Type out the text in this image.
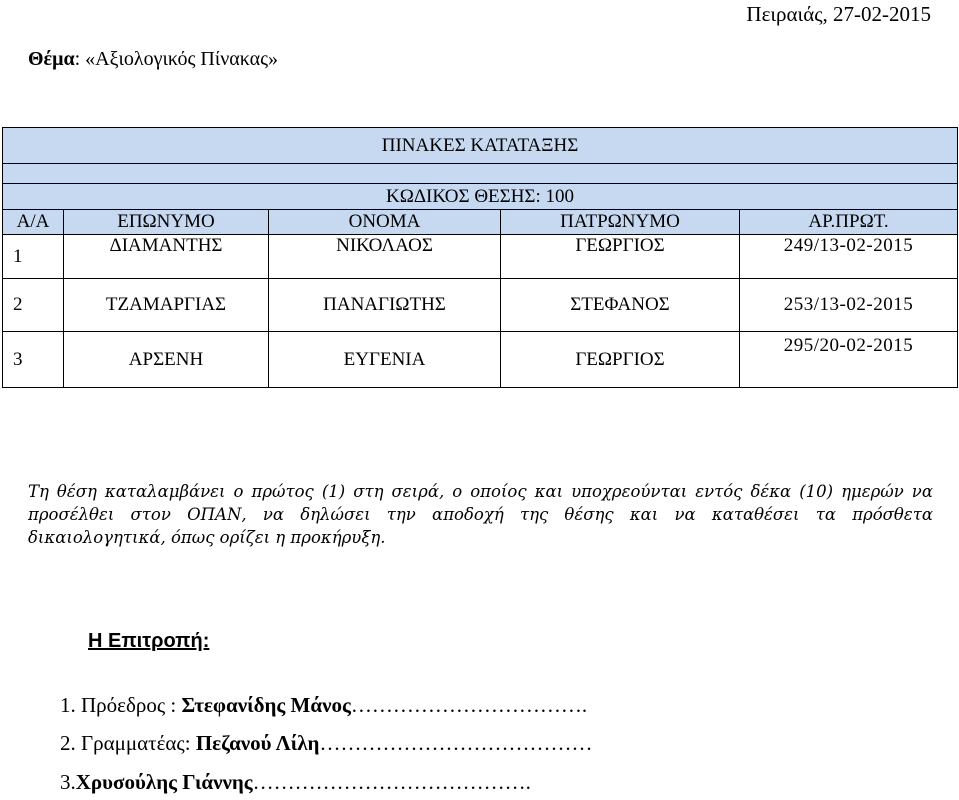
Πειραιάς, 27-02-2015
Θέμα: «Αξιολογικός Πίνακας»
ΠΙΝΑΚΕΣ ΚΑΤΑΤΑΞΗΣ				

ΚΩΔΙΚΟΣ ΘΕΣΗΣ: 100				
Α/Α	ΕΠΩΝΥΜΟ	ΟΝΟΜΑ	ΠΑΤΡΩΝΥΜΟ	ΑΡ.ΠΡΩΤ.
1	ΔΙΑΜΑΝΤΗΣ	ΝΙΚΟΛΑΟΣ	ΓΕΩΡΓΙΟΣ	249/13-02-2015
2	ΤΖΑΜΑΡΓΙΑΣ	ΠΑΝΑΓΙΩΤΗΣ	ΣΤΕΦΑΝΟΣ	253/13-02-2015
3	ΑΡΣΕΝΗ	ΕΥΓΕΝΙΑ	ΓΕΩΡΓΙΟΣ	295/20-02-2015
Τη θέση καταλαμβάνει ο πρώτος (1) στη σειρά, ο οποίος και υποχρεούνται εντός δέκα (10) ημερών να προσέλθει στον ΟΠΑΝ, να δηλώσει την αποδοχή της θέσης και να καταθέσει τα πρόσθετα δικαιολογητικά, όπως ορίζει η προκήρυξη.
Η Επιτροπή:
1. Πρόεδρος : Στεφανίδης Μάνος…………………………….
2. Γραμματέας: Πεζανού Λίλη…………………………………
3.Χρυσούλης Γιάννης………………………………….
